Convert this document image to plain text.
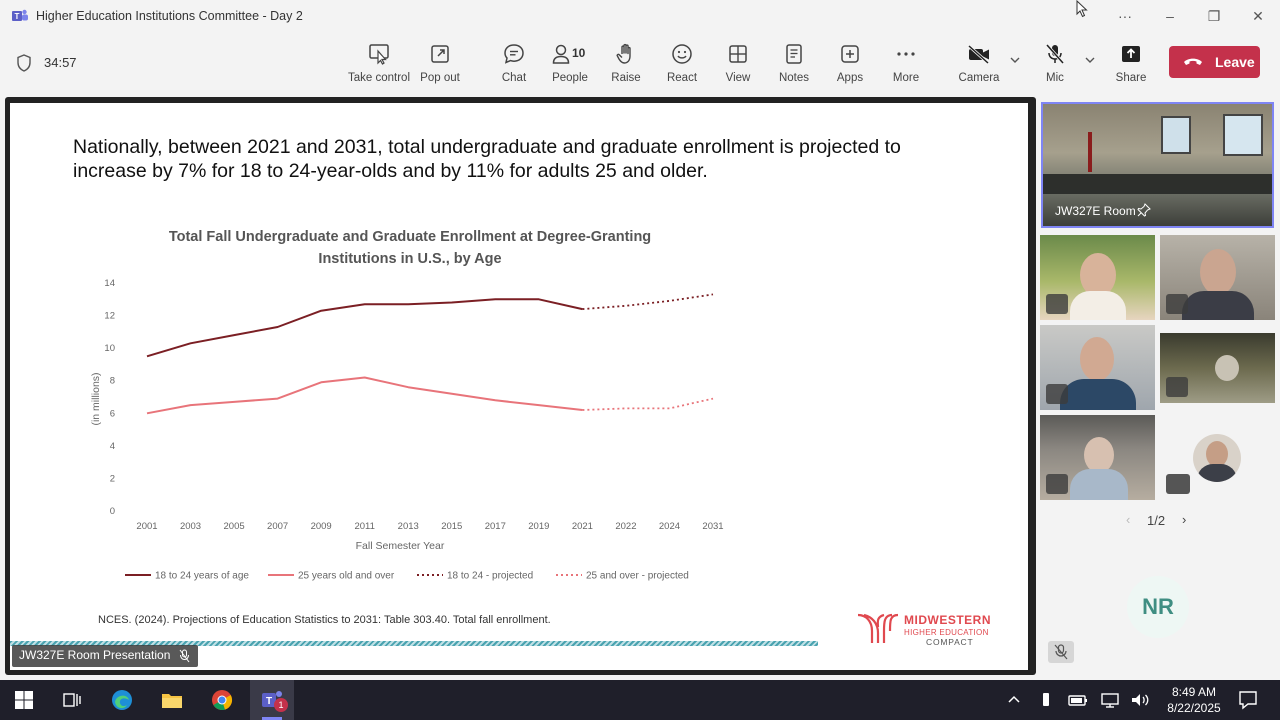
T Higher Education Institutions Committee - Day 2	···	–	❐ ✕
34:57
Take control Pop out	Chat
10
People	Raise	React	View	Notes	Apps	More	Camera	Mic	Share
Leave
Nationally, between 2021 and 2031, total undergraduate and graduate enrollment is projected to increase by 7% for 18 to 24-year-olds and by 11% for adults 25 and older.
Total Fall Undergraduate and Graduate Enrollment at Degree-Granting Institutions in U.S., by Age
0
2
4
6
8
10
12
14
2001 2003 2005 2007 2009 2011 2013 2015 2017 2019 2021 2022 2024 2031
Fall Semester Year
(in millions)
18 to 24 years of age	25 years old and over	18 to 24 - projected	25 and over - projected
NCES. (2024). Projections of Education Statistics to 2031: Table 303.40. Total fall enrollment.	MIDWESTERN
HIGHER EDUCATION
COMPACT
JW327E Room Presentation
JW327E Room
‹ 1/2 ›
NR
T 1
8:49 AM
8/22/2025
